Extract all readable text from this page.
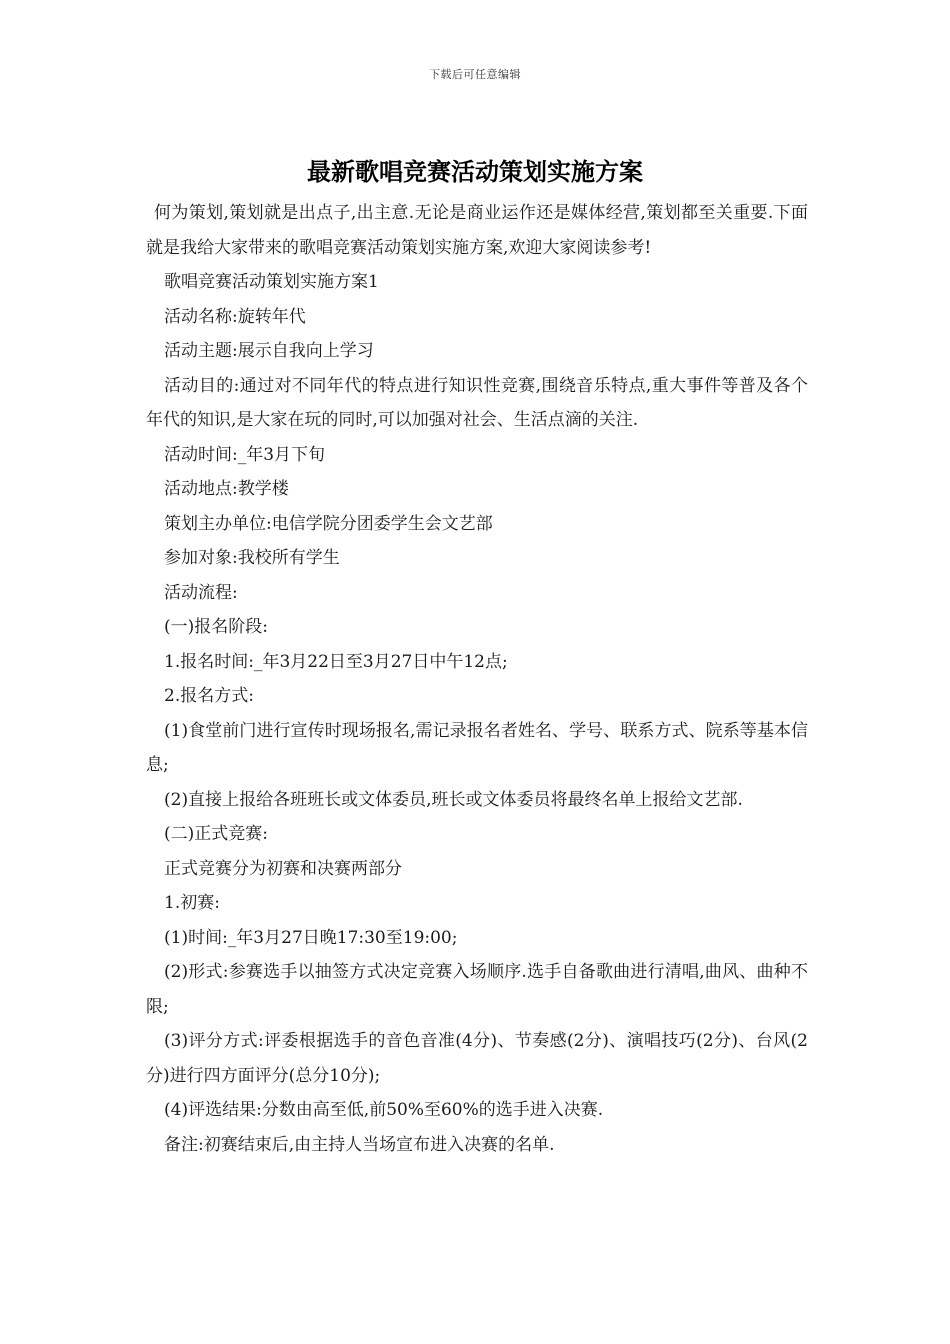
下载后可任意编辑
最新歌唱竞赛活动策划实施方案

何为策划,策划就是出点子,出主意.无论是商业运作还是媒体经营,策划都至关重要.下面就是我给大家带来的歌唱竞赛活动策划实施方案,欢迎大家阅读参考!

歌唱竞赛活动策划实施方案1

活动名称:旋转年代

活动主题:展示自我向上学习

活动目的:通过对不同年代的特点进行知识性竞赛,围绕音乐特点,重大事件等普及各个年代的知识,是大家在玩的同时,可以加强对社会、生活点滴的关注.

活动时间:_年3月下旬

活动地点:教学楼

策划主办单位:电信学院分团委学生会文艺部

参加对象:我校所有学生

活动流程:

(一)报名阶段:

1.报名时间:_年3月22日至3月27日中午12点;

2.报名方式:

(1)食堂前门进行宣传时现场报名,需记录报名者姓名、学号、联系方式、院系等基本信息;

(2)直接上报给各班班长或文体委员,班长或文体委员将最终名单上报给文艺部.

(二)正式竞赛:

正式竞赛分为初赛和决赛两部分

1.初赛:

(1)时间:_年3月27日晚17:30至19:00;

(2)形式:参赛选手以抽签方式决定竞赛入场顺序.选手自备歌曲进行清唱,曲风、曲种不限;

(3)评分方式:评委根据选手的音色音准(4分)、节奏感(2分)、演唱技巧(2分)、台风(2分)进行四方面评分(总分10分);

(4)评选结果:分数由高至低,前50%至60%的选手进入决赛.

备注:初赛结束后,由主持人当场宣布进入决赛的名单.
